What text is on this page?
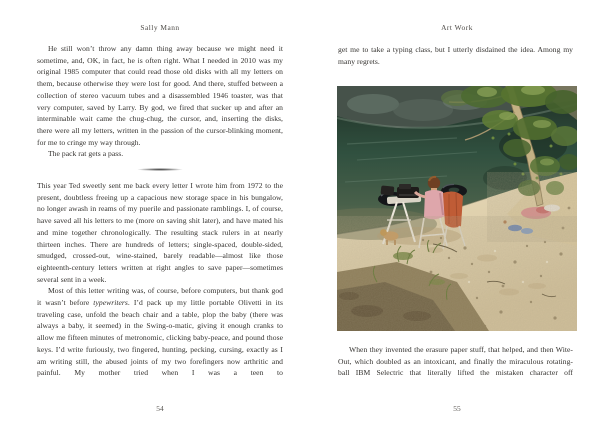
Sally Mann

He still won’t throw any damn thing away because we might need it sometime, and, OK, in fact, he is often right. What I needed in 2010 was my original 1985 computer that could read those old disks with all my letters on them, because otherwise they were lost for good. And there, stuffed between a collection of stereo vacuum tubes and a disassembled 1946 toaster, was that very computer, saved by Larry. By god, we fired that sucker up and after an interminable wait came the chug-chug, the cursor, and, inserting the disks, there were all my letters, written in the passion of the cursor-blinking moment, for me to cringe my way through.

The pack rat gets a pass.

This year Ted sweetly sent me back every letter I wrote him from 1972 to the present, doubtless freeing up a capacious new storage space in his bungalow, no longer awash in reams of my puerile and passionate ramblings. I, of course, have saved all his letters to me (more on saving shit later), and have mated his and mine together chronologically. The resulting stack rulers in at nearly thirteen inches. There are hundreds of letters; single-spaced, double-sided, smudged, crossed-out, wine-stained, barely readable—almost like those eighteenth-century letters written at right angles to save paper—sometimes several sent in a week.

Most of this letter writing was, of course, before computers, but thank god it wasn’t before typewriters. I’d pack up my little portable Olivetti in its traveling case, unfold the beach chair and a table, plop the baby (there was always a baby, it seemed) in the Swing-o-matic, giving it enough cranks to allow me fifteen minutes of metronomic, clicking baby-peace, and pound those keys. I’d write furiously, two fingered, hunting, pecking, cursing, exactly as I am writing still, the abused joints of my two forefingers now arthritic and painful. My mother tried when I was a teen to

54
Art Work

get me to take a typing class, but I utterly disdained the idea. Among my many regrets.

When they invented the erasure paper stuff, that helped, and then Wite-Out, which doubled as an intoxicant, and finally the miraculous rotating-ball IBM Selectric that literally lifted the mistaken character off

55
